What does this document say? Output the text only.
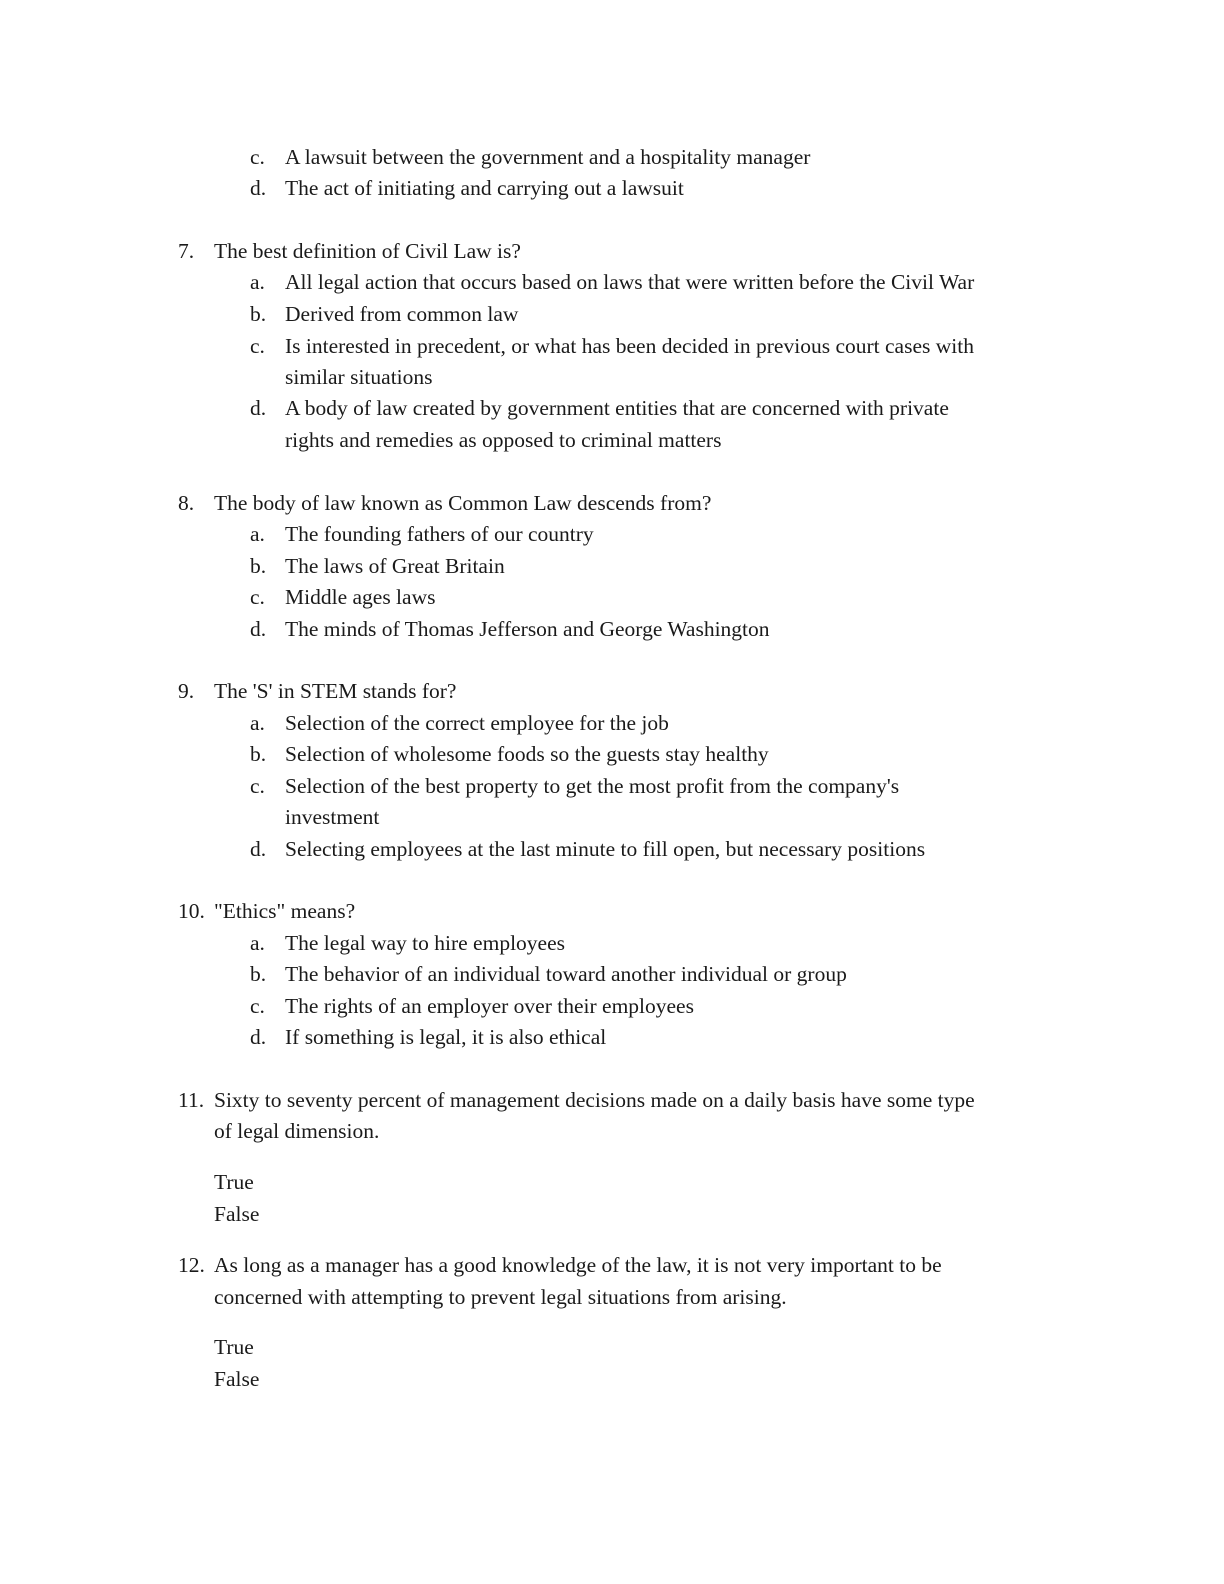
c. A lawsuit between the government and a hospitality manager
d. The act of initiating and carrying out a lawsuit
7. The best definition of Civil Law is?
a. All legal action that occurs based on laws that were written before the Civil War
b. Derived from common law
c. Is interested in precedent, or what has been decided in previous court cases with
similar situations
d. A body of law created by government entities that are concerned with private
rights and remedies as opposed to criminal matters
8. The body of law known as Common Law descends from?
a. The founding fathers of our country
b. The laws of Great Britain
c. Middle ages laws
d. The minds of Thomas Jefferson and George Washington
9. The 'S' in STEM stands for?
a. Selection of the correct employee for the job
b. Selection of wholesome foods so the guests stay healthy
c. Selection of the best property to get the most profit from the company's
investment
d. Selecting employees at the last minute to fill open, but necessary positions
10. "Ethics" means?
a. The legal way to hire employees
b. The behavior of an individual toward another individual or group
c. The rights of an employer over their employees
d. If something is legal, it is also ethical
11. Sixty to seventy percent of management decisions made on a daily basis have some type
of legal dimension.
True
False
12. As long as a manager has a good knowledge of the law, it is not very important to be
concerned with attempting to prevent legal situations from arising.
True
False
